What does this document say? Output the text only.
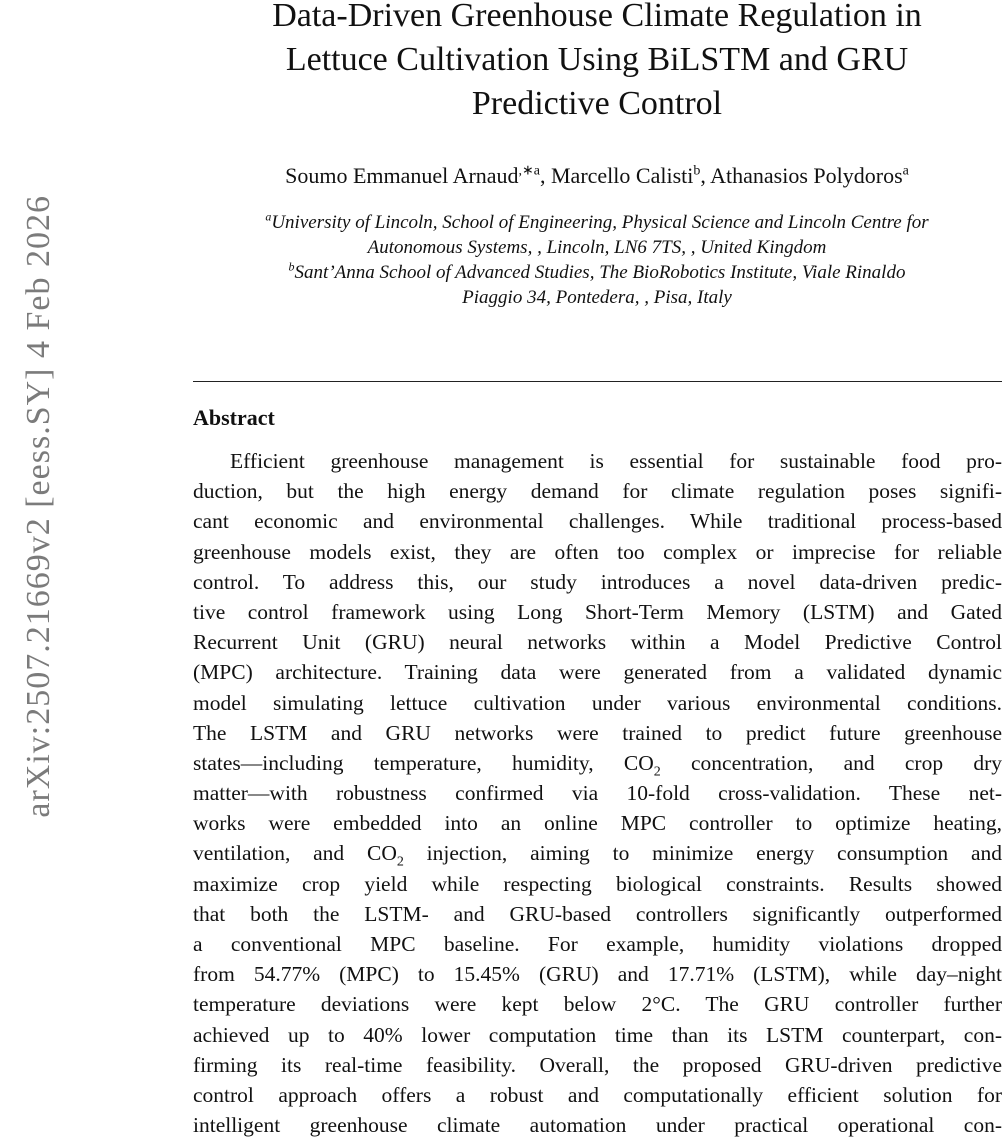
arXiv:2507.21669v2 [eess.SY] 4 Feb 2026
Data-Driven Greenhouse Climate Regulation in
Lettuce Cultivation Using BiLSTM and GRU
Predictive Control
Soumo Emmanuel Arnaud$^{,∗a}$, Marcello Calisti$^b$, Athanasios Polydoros$^a$
$^a$University of Lincoln, School of Engineering, Physical Science and Lincoln Centre for
Autonomous Systems, , Lincoln, LN6 7TS, , United Kingdom
$^b$Sant’Anna School of Advanced Studies, The BioRobotics Institute, Viale Rinaldo
Piaggio 34, Pontedera, , Pisa, Italy
Abstract
Efficient greenhouse management is essential for sustainable food pro-
duction, but the high energy demand for climate regulation poses signifi-
cant economic and environmental challenges. While traditional process-based
greenhouse models exist, they are often too complex or imprecise for reliable
control. To address this, our study introduces a novel data-driven predic-
tive control framework using Long Short-Term Memory (LSTM) and Gated
Recurrent Unit (GRU) neural networks within a Model Predictive Control
(MPC) architecture. Training data were generated from a validated dynamic
model simulating lettuce cultivation under various environmental conditions.
The LSTM and GRU networks were trained to predict future greenhouse
states—including temperature, humidity, $CO_2$ concentration, and crop dry
matter—with robustness confirmed via 10-fold cross-validation. These net-
works were embedded into an online MPC controller to optimize heating,
ventilation, and $CO_2$ injection, aiming to minimize energy consumption and
maximize crop yield while respecting biological constraints. Results showed
that both the LSTM- and GRU-based controllers significantly outperformed
a conventional MPC baseline. For example, humidity violations dropped
from 54.77% (MPC) to 15.45% (GRU) and 17.71% (LSTM), while day–night
temperature deviations were kept below 2°C. The GRU controller further
achieved up to 40% lower computation time than its LSTM counterpart, con-
firming its real-time feasibility. Overall, the proposed GRU-driven predictive
control approach offers a robust and computationally efficient solution for
intelligent greenhouse climate automation under practical operational con-
